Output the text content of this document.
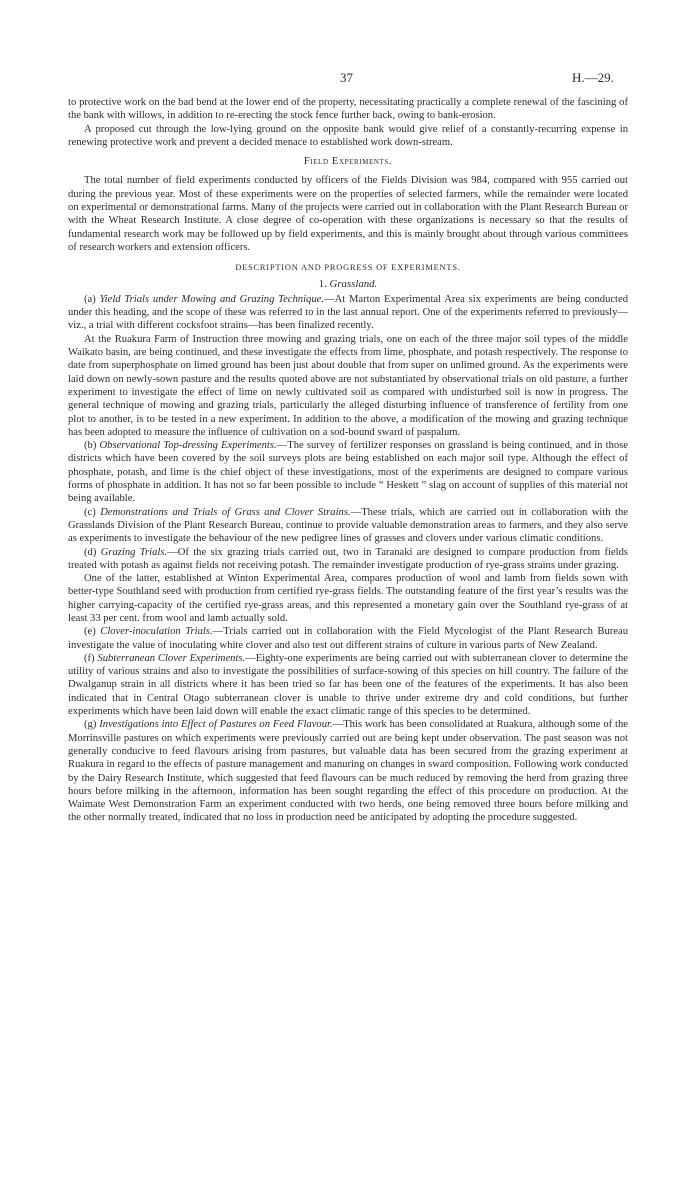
37	H.—29.

to protective work on the bad bend at the lower end of the property, necessitating practically a complete renewal of the fascining of the bank with willows, in addition to re-erecting the stock fence further back, owing to bank-erosion.

A proposed cut through the low-lying ground on the opposite bank would give relief of a constantly-recurring expense in renewing protective work and prevent a decided menace to established work down-stream.

Field Experiments.

The total number of field experiments conducted by officers of the Fields Division was 984, compared with 955 carried out during the previous year. Most of these experiments were on the properties of selected farmers, while the remainder were located on experimental or demonstrational farms. Many of the projects were carried out in collaboration with the Plant Research Bureau or with the Wheat Research Institute. A close degree of co-operation with these organizations is necessary so that the results of fundamental research work may be followed up by field experiments, and this is mainly brought about through various committees of research workers and extension officers.

DESCRIPTION AND PROGRESS OF EXPERIMENTS.
1. Grassland.

(a) Yield Trials under Mowing and Grazing Technique.—At Marton Experimental Area six experiments are being conducted under this heading, and the scope of these was referred to in the last annual report. One of the experiments referred to previously—viz., a trial with different cocksfoot strains—has been finalized recently.

At the Ruakura Farm of Instruction three mowing and grazing trials, one on each of the three major soil types of the middle Waikato basin, are being continued, and these investigate the effects from lime, phosphate, and potash respectively. The response to date from superphosphate on limed ground has been just about double that from super on unlimed ground. As the experiments were laid down on newly-sown pasture and the results quoted above are not substantiated by observational trials on old pasture, a further experiment to investigate the effect of lime on newly cultivated soil as compared with undisturbed soil is now in progress. The general technique of mowing and grazing trials, particularly the alleged disturbing influence of transference of fertility from one plot to another, is to be tested in a new experiment. In addition to the above, a modification of the mowing and grazing technique has been adopted to measure the influence of cultivation on a sod-bound sward of paspalum.

(b) Observational Top-dressing Experiments.—The survey of fertilizer responses on grassland is being continued, and in those districts which have been covered by the soil surveys plots are being established on each major soil type. Although the effect of phosphate, potash, and lime is the chief object of these investigations, most of the experiments are designed to compare various forms of phosphate in addition. It has not so far been possible to include “ Heskett ” slag on account of supplies of this material not being available.

(c) Demonstrations and Trials of Grass and Clover Strains.—These trials, which are carried out in collaboration with the Grasslands Division of the Plant Research Bureau, continue to provide valuable demonstration areas to farmers, and they also serve as experiments to investigate the behaviour of the new pedigree lines of grasses and clovers under various climatic conditions.

(d) Grazing Trials.—Of the six grazing trials carried out, two in Taranaki are designed to compare production from fields treated with potash as against fields not receiving potash. The remainder investigate production of rye-grass strains under grazing.

One of the latter, established at Winton Experimental Area, compares production of wool and lamb from fields sown with better-type Southland seed with production from certified rye-grass fields. The outstanding feature of the first year’s results was the higher carrying-capacity of the certified rye-grass areas, and this represented a monetary gain over the Southland rye-grass of at least 33 per cent. from wool and lamb actually sold.

(e) Clover-inoculation Trials.—Trials carried out in collaboration with the Field Mycologist of the Plant Research Bureau investigate the value of inoculating white clover and also test out different strains of culture in various parts of New Zealand.

(f) Subterranean Clover Experiments.—Eighty-one experiments are being carried out with subterranean clover to determine the utility of various strains and also to investigate the possibilities of surface-sowing of this species on hill country. The failure of the Dwalganup strain in all districts where it has been tried so far has been one of the features of the experiments. It has also been indicated that in Central Otago subterranean clover is unable to thrive under extreme dry and cold conditions, but further experiments which have been laid down will enable the exact climatic range of this species to be determined.

(g) Investigations into Effect of Pastures on Feed Flavour.—This work has been consolidated at Ruakura, although some of the Morrinsville pastures on which experiments were previously carried out are being kept under observation. The past season was not generally conducive to feed flavours arising from pastures, but valuable data has been secured from the grazing experiment at Ruakura in regard to the effects of pasture management and manuring on changes in sward composition. Following work conducted by the Dairy Research Institute, which suggested that feed flavours can be much reduced by removing the herd from grazing three hours before milking in the afternoon, information has been sought regarding the effect of this procedure on production. At the Waimate West Demonstration Farm an experiment conducted with two herds, one being removed three hours before milking and the other normally treated, indicated that no loss in production need be anticipated by adopting the procedure suggested.
